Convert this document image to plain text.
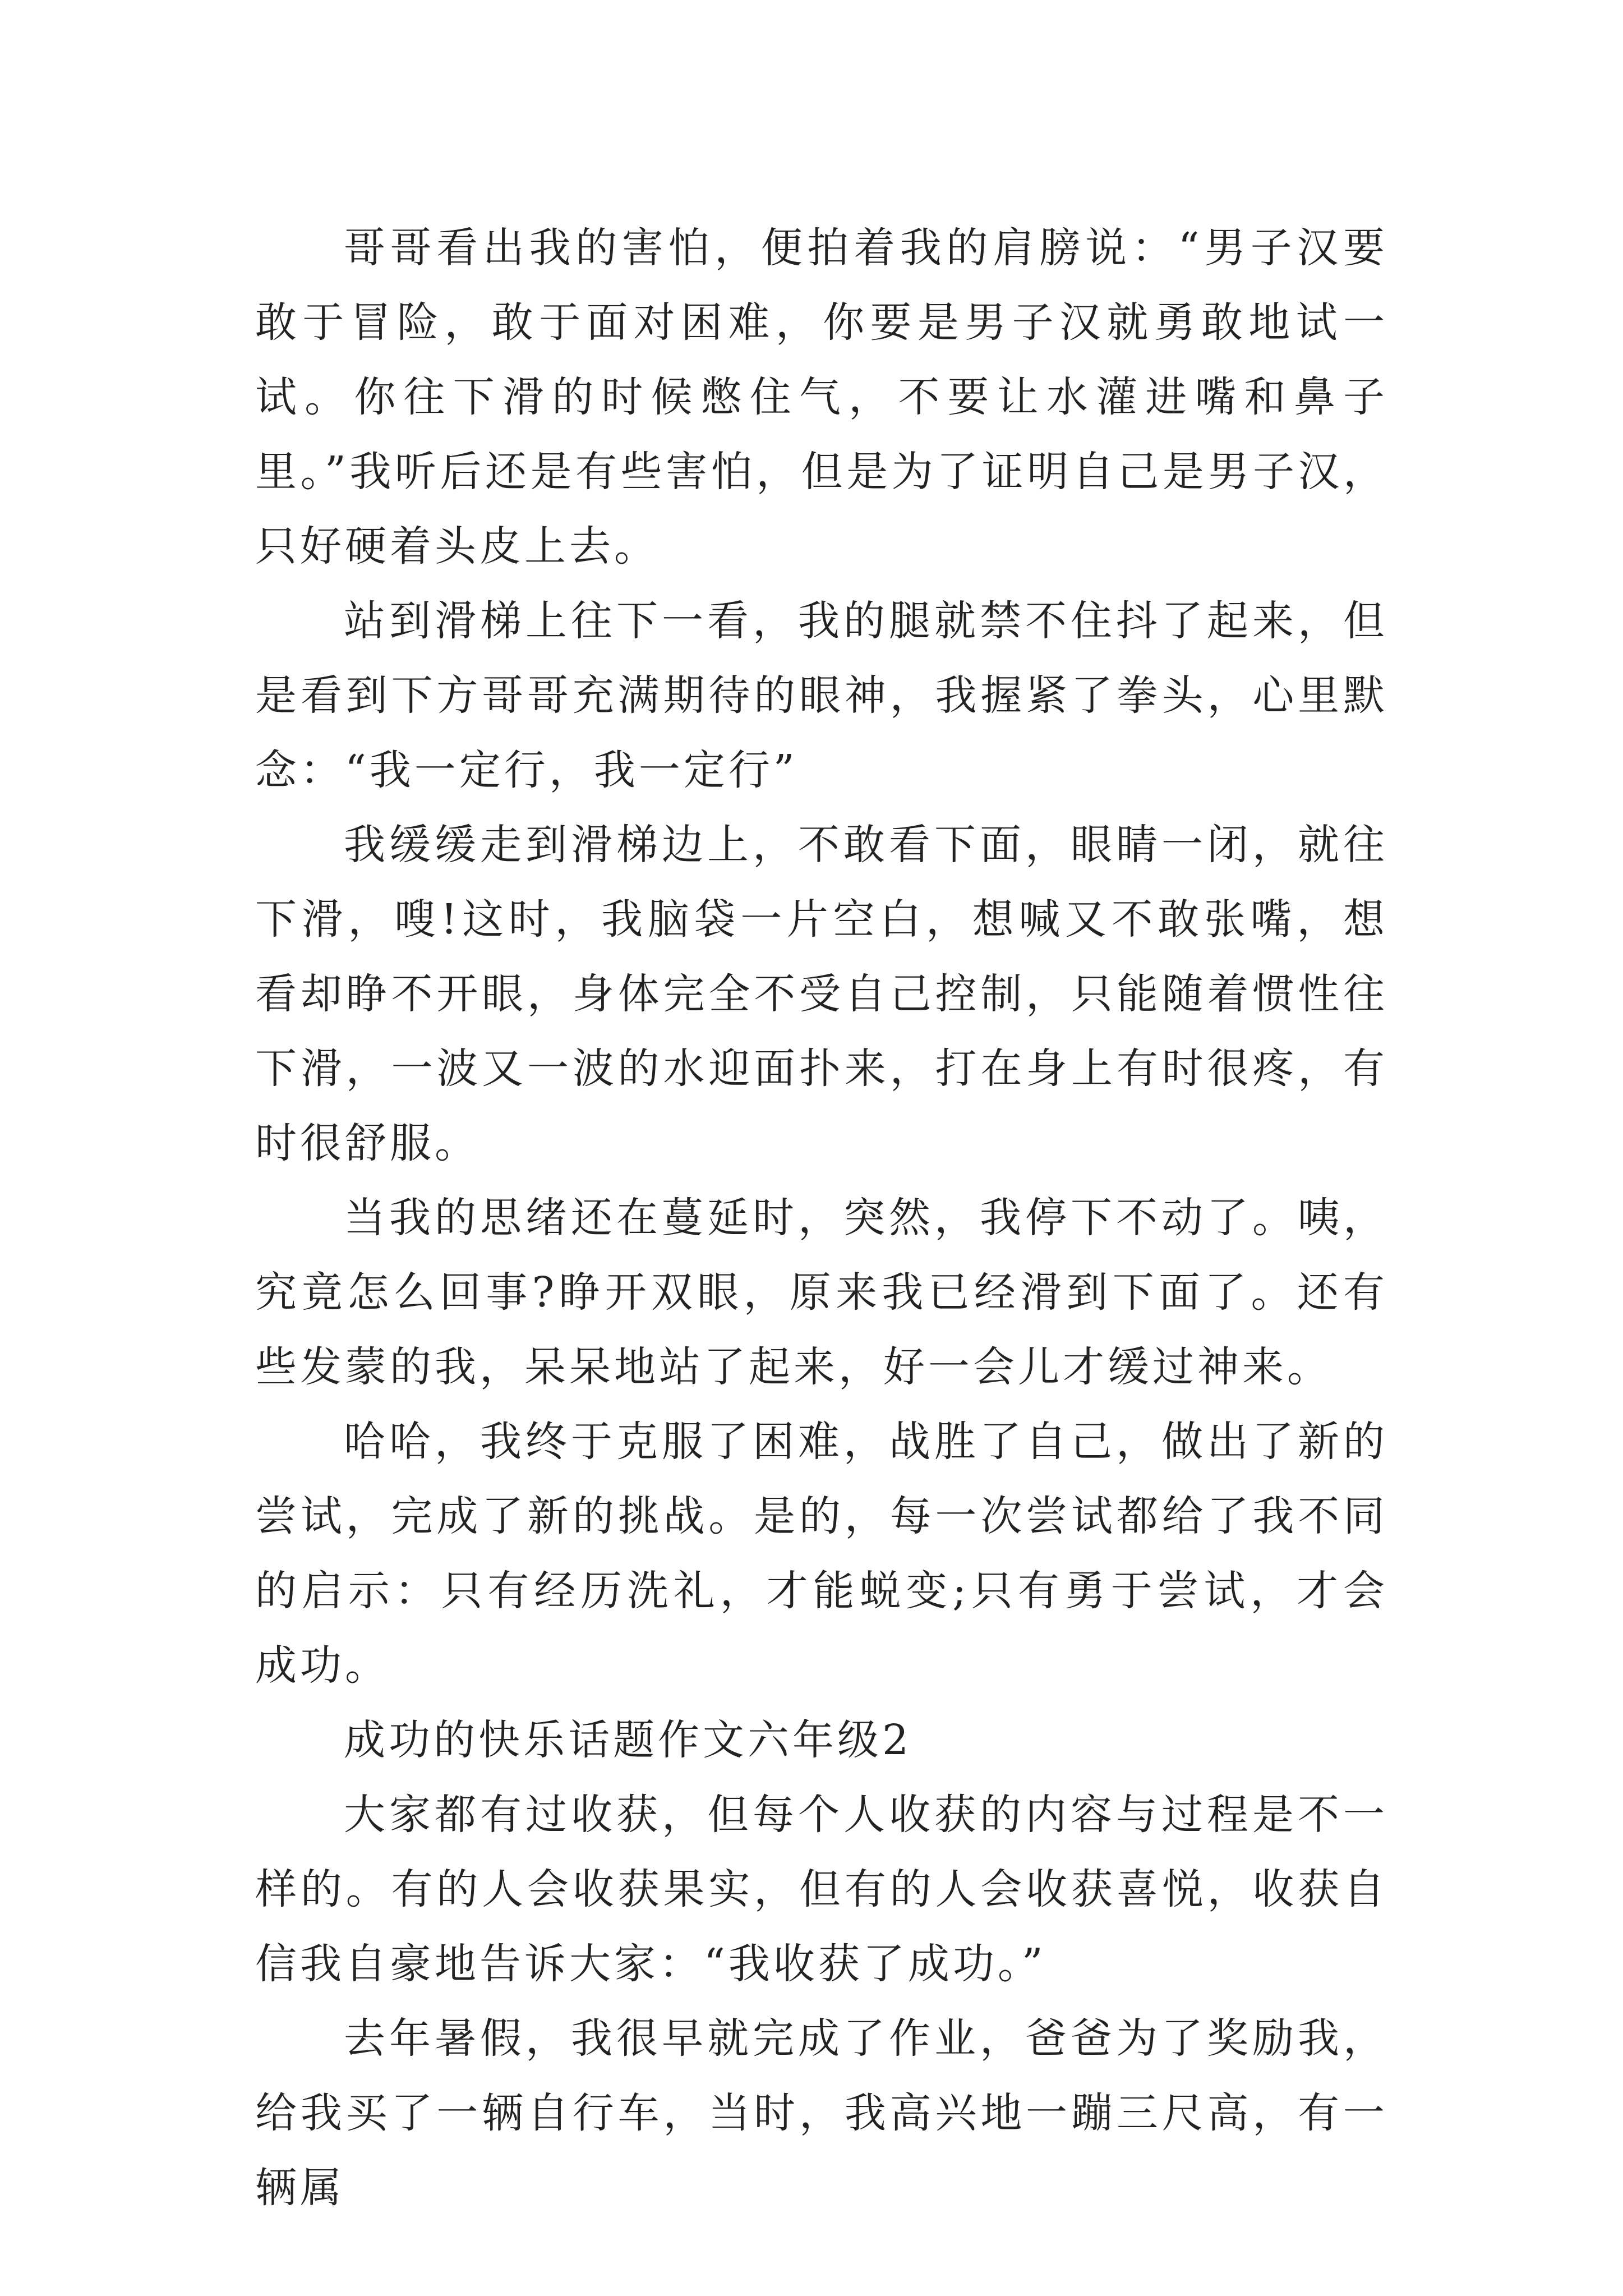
哥哥看出我的害怕，便拍着我的肩膀说：“男子汉要敢于冒险，敢于面对困难，你要是男子汉就勇敢地试一试。你往下滑的时候憋住气，不要让水灌进嘴和鼻子里。”我听后还是有些害怕，但是为了证明自己是男子汉，只好硬着头皮上去。

站到滑梯上往下一看，我的腿就禁不住抖了起来，但是看到下方哥哥充满期待的眼神，我握紧了拳头，心里默念：“我一定行，我一定行”

我缓缓走到滑梯边上，不敢看下面，眼睛一闭，就往下滑，嗖!这时，我脑袋一片空白，想喊又不敢张嘴，想看却睁不开眼，身体完全不受自己控制，只能随着惯性往下滑，一波又一波的水迎面扑来，打在身上有时很疼，有时很舒服。

当我的思绪还在蔓延时，突然，我停下不动了。咦，究竟怎么回事?睁开双眼，原来我已经滑到下面了。还有些发蒙的我，呆呆地站了起来，好一会儿才缓过神来。

哈哈，我终于克服了困难，战胜了自己，做出了新的尝试，完成了新的挑战。是的，每一次尝试都给了我不同的启示：只有经历洗礼，才能蜕变;只有勇于尝试，才会成功。

成功的快乐话题作文六年级2

大家都有过收获，但每个人收获的内容与过程是不一样的。有的人会收获果实，但有的人会收获喜悦，收获自信我自豪地告诉大家：“我收获了成功。”

去年暑假，我很早就完成了作业，爸爸为了奖励我，给我买了一辆自行车，当时，我高兴地一蹦三尺高，有一辆属
